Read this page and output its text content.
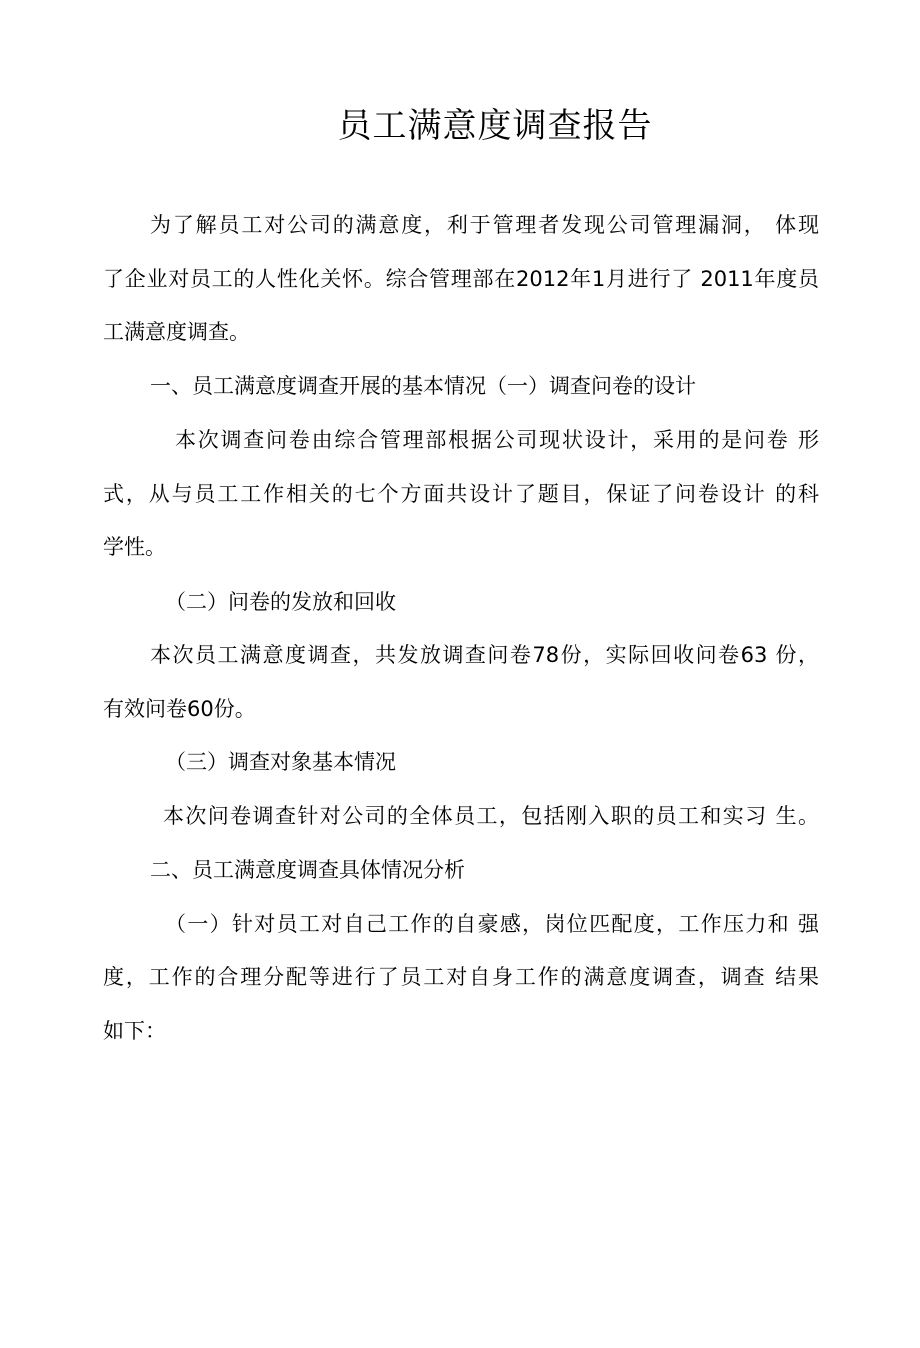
员工满意度调查报告
为了解员工对公司的满意度，利于管理者发现公司管理漏洞， 体现
了企业对员工的人性化关怀。综合管理部在2012年1月进行了 2011年度员
工满意度调查。
一、员工满意度调查开展的基本情况（一）调查问卷的设计
本次调查问卷由综合管理部根据公司现状设计，采用的是问卷 形
式，从与员工工作相关的七个方面共设计了题目，保证了问卷设计 的科
学性。
（二）问卷的发放和回收
本次员工满意度调查，共发放调查问卷78份，实际回收问卷63 份，
有效问卷60份。
（三）调查对象基本情况
本次问卷调查针对公司的全体员工，包括刚入职的员工和实习 生。
二、员工满意度调查具体情况分析
（一）针对员工对自己工作的自豪感，岗位匹配度，工作压力和 强
度，工作的合理分配等进行了员工对自身工作的满意度调查，调查 结果
如下：
